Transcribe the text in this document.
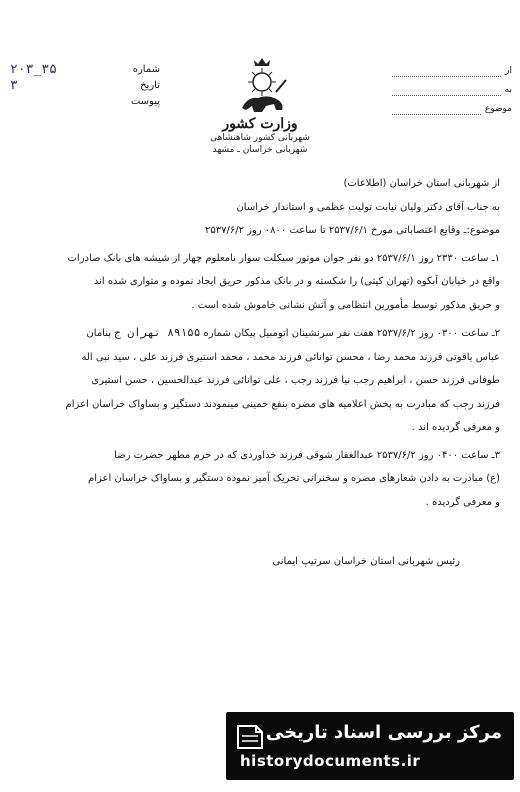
شماره
۳۵_۲۰۳
تاریخ
۳
پیوست
وزارت کشور
شهربانی کشور شاهنشاهی
شهربانی خراسان ـ مشهد
از
به
موضوع

از شهربانی استان خراسان (اطلاعات)

به جناب آقای دکتر ولیان نیابت تولیت عظمی و استاندار خراسان

موضوع:ـ وقایع اعتصاباتی مورخ ۲۵۳۷/۶/۱ تا ساعت ۰۸۰۰ روز ۲۵۳۷/۶/۲

۱ـ ساعت ۲۳۳۰ روز ۲۵۳۷/۶/۱ دو نفر جوان موتور سیکلت سوار نامعلوم چهار از شیشه های بانک صادرات

واقع در خیابان آبکوه (تهران کیتی) را شکسته و در بانک مذکور حریق ایجاد نموده و متواری شده اند

و حریق مذکور توسط مأمورین انتظامی و آتش نشانی خاموش شده است .

۲ـ ساعت ۰۳۰۰ روز ۲۵۳۷/۶/۲ هفت نفر سرنشینان اتومبیل پیکان شماره ۸۹۱۵۵ تهران ج بنامان

عباس یاقوتی فرزند محمد رضا ، محسن توانائی فرزند محمد ، محمد استیری فرزند علی ، سید نبی اله

طوفانی فرزند حسن ، ابراهیم رجب نیا فرزند رجب ، علی توانائی فرزند عبدالحسین ، حسن استیری

فرزند رجب که مبادرت به پخش اعلامیه های مضره بنفع خمینی مینمودند دستگیر و بساواک خراسان اعزام

و معرفی گردیده اند .

۳ـ ساعت ۰۴۰۰ روز ۲۵۳۷/۶/۲ عبدالغفار شوقی فرزند خداوردی که در حرم مطهر حضرت رضا

(ع) مبادرت به دادن شعارهای مضره و سخنرانی تحریک آمیز نموده دستگیر و بساواک خراسان اعزام

و معرفی گردیده .

رئیس شهربانی استان خراسان سرتیپ ایمانی
مرکز بررسی اسناد تاریخی
historydocuments.ir
